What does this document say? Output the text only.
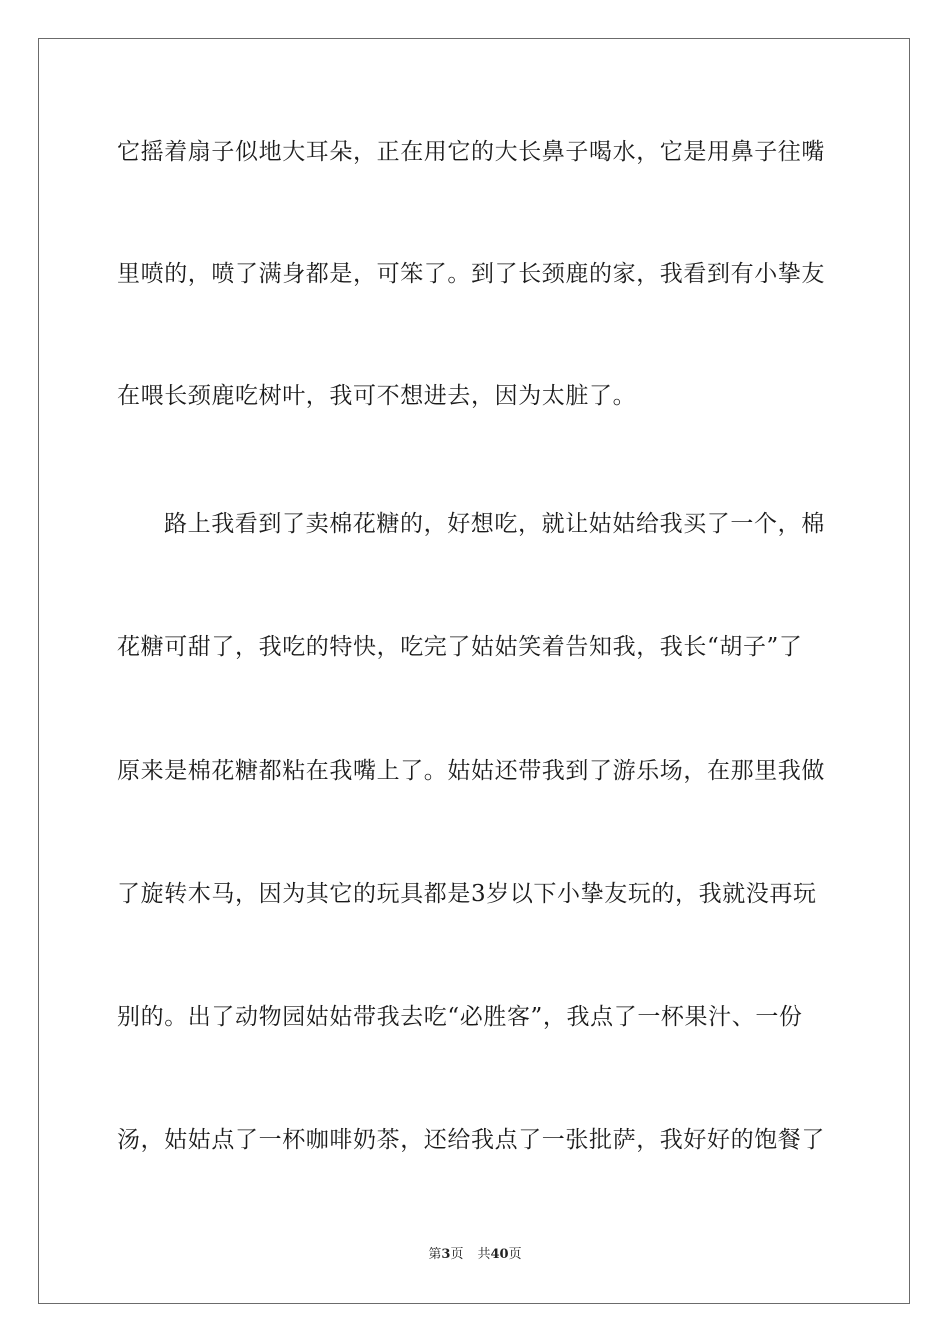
它摇着扇子似地大耳朵，正在用它的大长鼻子喝水，它是用鼻子往嘴
里喷的，喷了满身都是，可笨了。到了长颈鹿的家，我看到有小挚友
在喂长颈鹿吃树叶，我可不想进去，因为太脏了。
路上我看到了卖棉花糖的，好想吃，就让姑姑给我买了一个，棉
花糖可甜了，我吃的特快，吃完了姑姑笑着告知我，我长“胡子”了
原来是棉花糖都粘在我嘴上了。姑姑还带我到了游乐场，在那里我做
了旋转木马，因为其它的玩具都是3岁以下小挚友玩的，我就没再玩
别的。出了动物园姑姑带我去吃“必胜客”，我点了一杯果汁、一份
汤，姑姑点了一杯咖啡奶茶，还给我点了一张批萨，我好好的饱餐了
第3页 共40页
